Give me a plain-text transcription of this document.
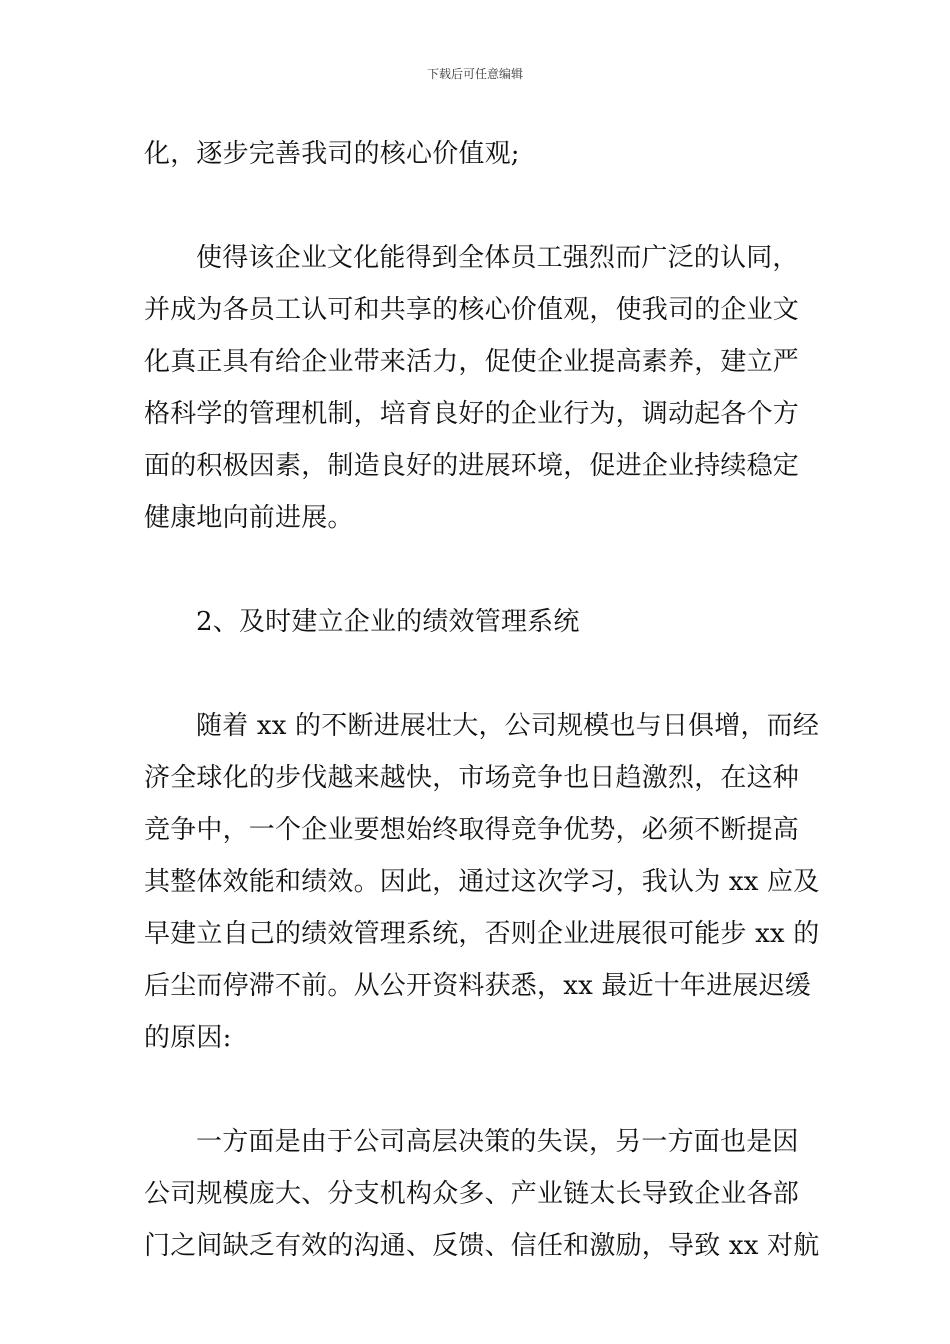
下载后可任意编辑
化，逐步完善我司的核心价值观;
使得该企业文化能得到全体员工强烈而广泛的认同，
并成为各员工认可和共享的核心价值观，使我司的企业文
化真正具有给企业带来活力，促使企业提高素养，建立严
格科学的管理机制，培育良好的企业行为，调动起各个方
面的积极因素，制造良好的进展环境，促进企业持续稳定
健康地向前进展。
2、及时建立企业的绩效管理系统
随着 xx 的不断进展壮大，公司规模也与日俱增，而经
济全球化的步伐越来越快，市场竞争也日趋激烈，在这种
竞争中，一个企业要想始终取得竞争优势，必须不断提高
其整体效能和绩效。因此，通过这次学习，我认为 xx 应及
早建立自己的绩效管理系统，否则企业进展很可能步 xx 的
后尘而停滞不前。从公开资料获悉，xx 最近十年进展迟缓
的原因:
一方面是由于公司高层决策的失误，另一方面也是因
公司规模庞大、分支机构众多、产业链太长导致企业各部
门之间缺乏有效的沟通、反馈、信任和激励，导致 xx 对航
